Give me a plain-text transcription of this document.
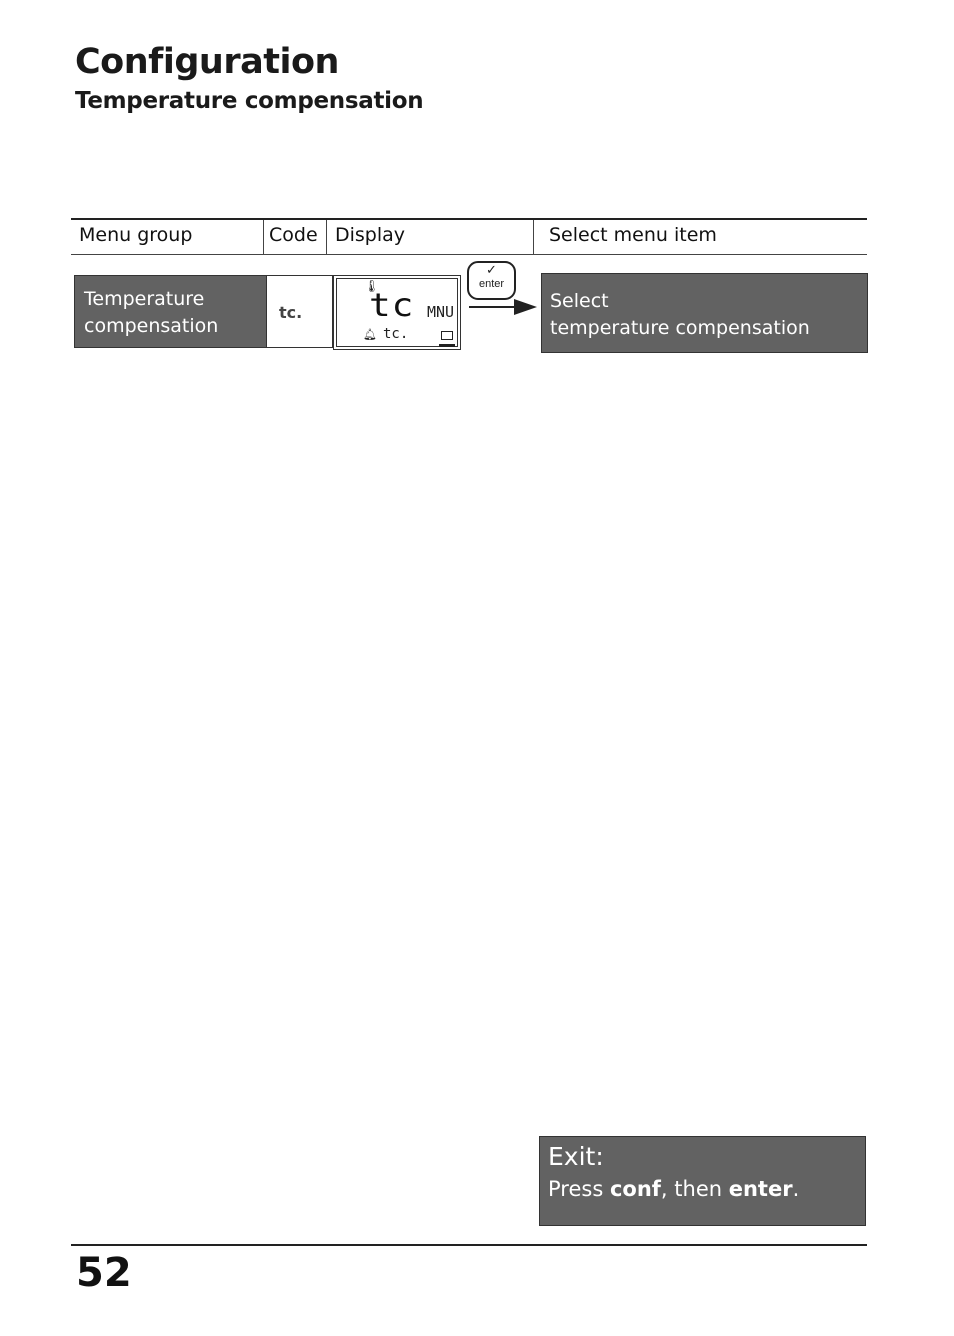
Configuration
Temperature compensation
Menu group	Code Display	Select menu item
Temperature
compensation
tc.
🌡︎
tc MNU
🔔︎ tc.
✓
enter
Select
temperature compensation
Exit:
Press conf, then enter.
52
